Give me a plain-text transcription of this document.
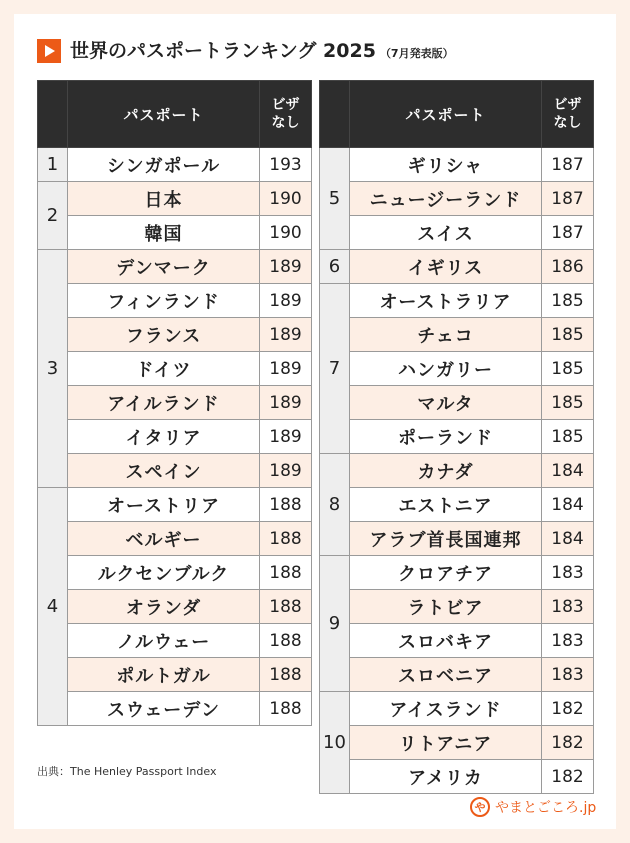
世界のパスポートランキング 2025 （7月発表版）
	パスポート	ビザ
なし
1	シンガポール	193
2	日本	190
	韓国	190
3	デンマーク	189
	フィンランド	189
	フランス	189
	ドイツ	189
	アイルランド	189
	イタリア	189
	スペイン	189
4	オーストリア	188
	ベルギー	188
	ルクセンブルク	188
	オランダ	188
	ノルウェー	188
	ポルトガル	188
	スウェーデン	188
	パスポート	ビザ
なし
5	ギリシャ	187
	ニュージーランド	187
	スイス	187
6	イギリス	186
7	オーストラリア	185
	チェコ	185
	ハンガリー	185
	マルタ	185
	ポーランド	185
8	カナダ	184
	エストニア	184
	アラブ首長国連邦	184
9	クロアチア	183
	ラトビア	183
	スロバキア	183
	スロベニア	183
10	アイスランド	182
	リトアニア	182
	アメリカ	182
出典：The Henley Passport Index
や やまとごころ.jp
